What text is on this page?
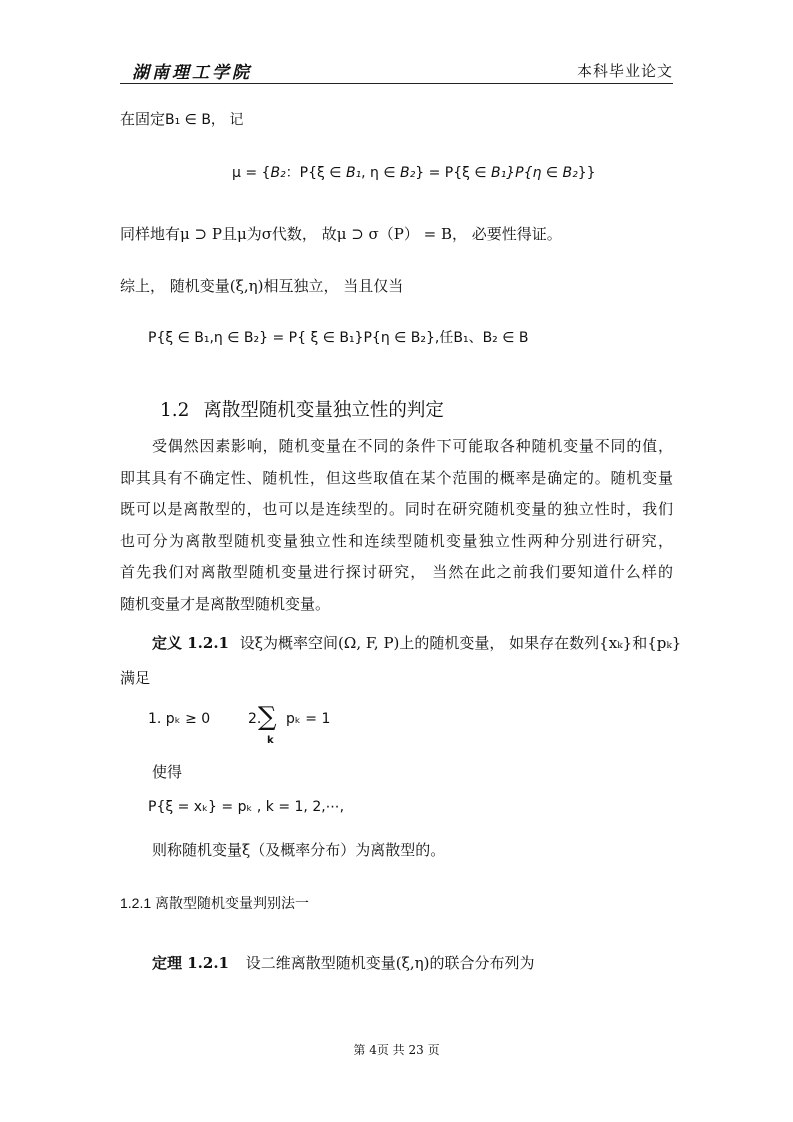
湖南理工学院	本科毕业论文
在固定B₁ ∈ B， 记
μ = {B₂：P{ξ ∈ B₁, η ∈ B₂} = P{ξ ∈ B₁}P{η ∈ B₂}}
同样地有μ ⊃ P且μ为σ代数， 故μ ⊃ σ（P） = B， 必要性得证。
综上， 随机变量(ξ,η)相互独立， 当且仅当
P{ξ ∈ B₁,η ∈ B₂} = P{ ξ ∈ B₁}P{η ∈ B₂},任B₁、B₂ ∈ B
1.2 离散型随机变量独立性的判定
受偶然因素影响，随机变量在不同的条件下可能取各种随机变量不同的值，
即其具有不确定性、随机性，但这些取值在某个范围的概率是确定的。随机变量
既可以是离散型的，也可以是连续型的。同时在研究随机变量的独立性时，我们
也可分为离散型随机变量独立性和连续型随机变量独立性两种分别进行研究，
首先我们对离散型随机变量进行探讨研究， 当然在此之前我们要知道什么样的
随机变量才是离散型随机变量。
定义 1.2.1 设ξ为概率空间(Ω, F, P)上的随机变量， 如果存在数列{xₖ}和{pₖ}
满足
1. pₖ ≥ 0	2.
∑
k
pₖ = 1
使得
P{ξ = xₖ} = pₖ , k = 1, 2,⋯,
则称随机变量ξ（及概率分布）为离散型的。
1.2.1 离散型随机变量判别法一
定理 1.2.1 设二维离散型随机变量(ξ,η)的联合分布列为
第 4页 共 23 页
